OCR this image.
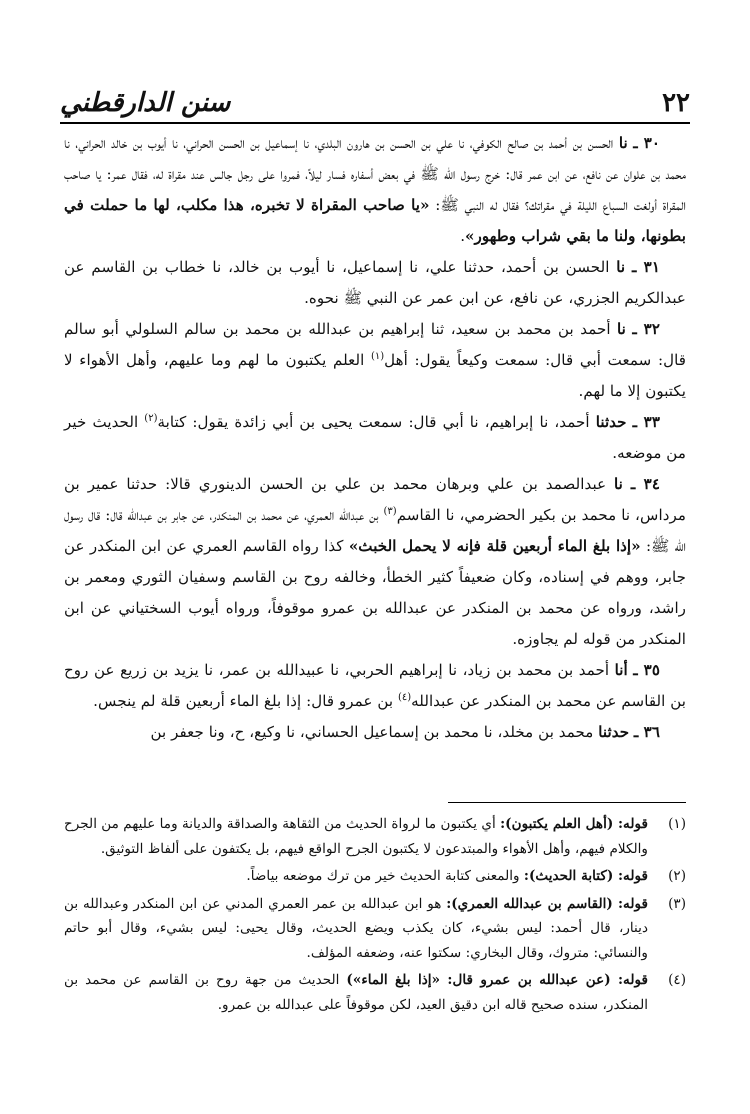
٢٢
سنن الدارقطني

٣٠ ـ نا الحسن بن أحمد بن صالح الكوفي، نا علي بن الحسن بن هارون البلدي، نا إسماعيل بن الحسن الحراني، نا أيوب بن خالد الحراني، نا محمد بن علوان عن نافع، عن ابن عمر قال: خرج رسول الله ﷺ في بعض أسفاره فسار ليلاً، فمروا على رجل جالس عند مقراة له، فقال عمر: يا صاحب المقراة أولغت السباع الليلة في مقراتك؟ فقال له النبي ﷺ: «يا صاحب المقراة لا تخبره، هذا مكلب، لها ما حملت في بطونها، ولنا ما بقي شراب وطهور».

٣١ ـ نا الحسن بن أحمد، حدثنا علي، نا إسماعيل، نا أيوب بن خالد، نا خطاب بن القاسم عن عبدالكريم الجزري، عن نافع، عن ابن عمر عن النبي ﷺ نحوه.

٣٢ ـ نا أحمد بن محمد بن سعيد، ثنا إبراهيم بن عبدالله بن محمد بن سالم السلولي أبو سالم قال: سمعت أبي قال: سمعت وكيعاً يقول: أهل$^{(١)}$ العلم يكتبون ما لهم وما عليهم، وأهل الأهواء لا يكتبون إلا ما لهم.

٣٣ ـ حدثنا أحمد، نا إبراهيم، نا أبي قال: سمعت يحيى بن أبي زائدة يقول: كتابة$^{(٢)}$ الحديث خير من موضعه.

٣٤ ـ نا عبدالصمد بن علي وبرهان محمد بن علي بن الحسن الدينوري قالا: حدثنا عمير بن مرداس، نا محمد بن بكير الحضرمي، نا القاسم$^{(٣)}$ بن عبدالله العمري، عن محمد بن المنكدر، عن جابر بن عبدالله قال: قال رسول الله ﷺ: «إذا بلغ الماء أربعين قلة فإنه لا يحمل الخبث» كذا رواه القاسم العمري عن ابن المنكدر عن جابر، ووهم في إسناده، وكان ضعيفاً كثير الخطأ، وخالفه روح بن القاسم وسفيان الثوري ومعمر بن راشد، ورواه عن محمد بن المنكدر عن عبدالله بن عمرو موقوفاً، ورواه أيوب السختياني عن ابن المنكدر من قوله لم يجاوزه.

٣٥ ـ أنا أحمد بن محمد بن زياد، نا إبراهيم الحربي، نا عبيدالله بن عمر، نا يزيد بن زريع عن روح بن القاسم عن محمد بن المنكدر عن عبدالله$^{(٤)}$ بن عمرو قال: إذا بلغ الماء أربعين قلة لم ينجس.

٣٦ ـ حدثنا محمد بن مخلد، نا محمد بن إسماعيل الحساني، نا وكيع، ح، ونا جعفر بن

(١)
قوله: (أهل العلم يكتبون): أي يكتبون ما لرواة الحديث من الثقاهة والصداقة والديانة وما عليهم من الجرح والكلام فيهم، وأهل الأهواء والمبتدعون لا يكتبون الجرح الواقع فيهم، بل يكتفون على ألفاظ التوثيق.
(٢)
قوله: (كتابة الحديث): والمعنى كتابة الحديث خير من ترك موضعه بياضاً.
(٣)
قوله: (القاسم بن عبدالله العمري): هو ابن عبدالله بن عمر العمري المدني عن ابن المنكدر وعبدالله بن دينار، قال أحمد: ليس بشيء، كان يكذب ويضع الحديث، وقال يحيى: ليس بشيء، وقال أبو حاتم والنسائي: متروك، وقال البخاري: سكتوا عنه، وضعفه المؤلف.
(٤)
قوله: (عن عبدالله بن عمرو قال: «إذا بلغ الماء») الحديث من جهة روح بن القاسم عن محمد بن المنكدر، سنده صحيح قاله ابن دقيق العيد، لكن موقوفاً على عبدالله بن عمرو.
